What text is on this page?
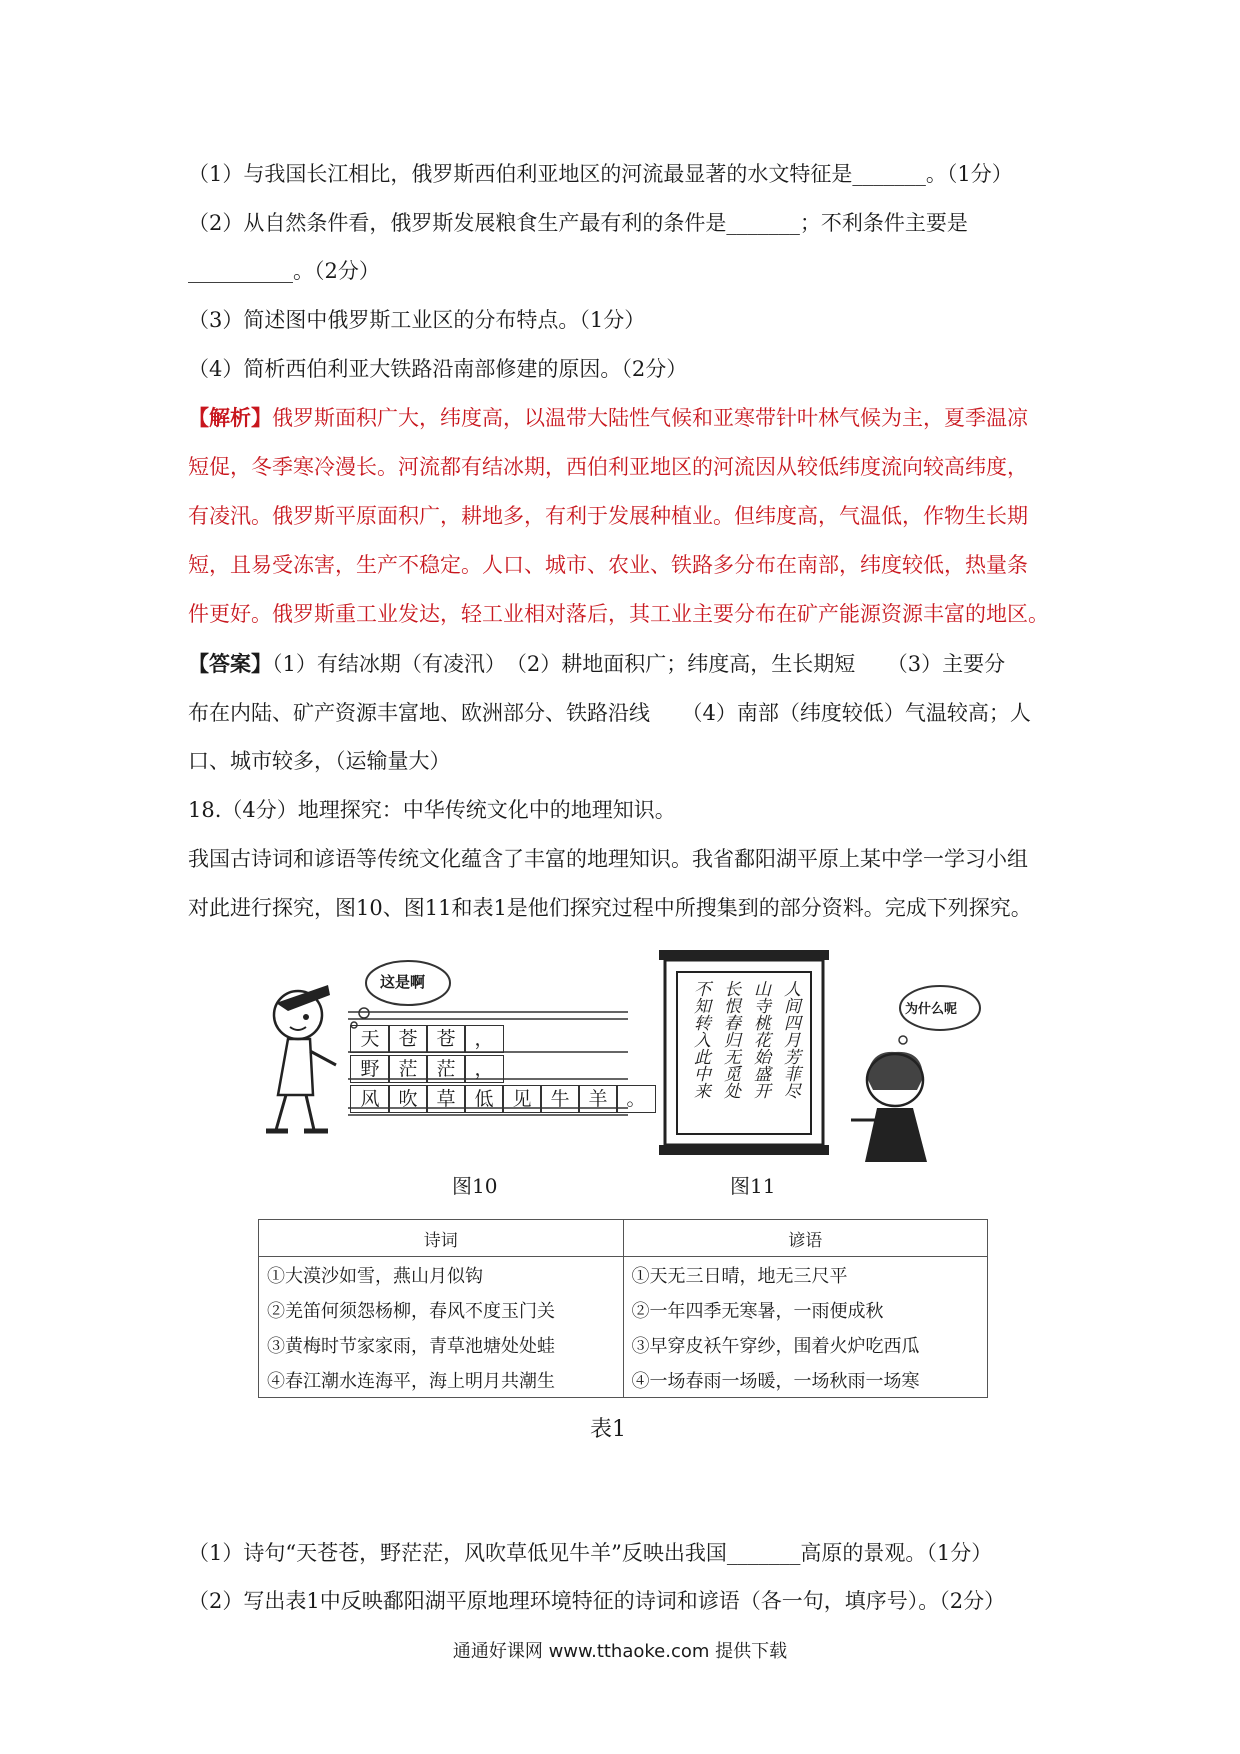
（1）与我国长江相比，俄罗斯西伯利亚地区的河流最显著的水文特征是_______。（1分）
（2）从自然条件看，俄罗斯发展粮食生产最有利的条件是_______；不利条件主要是
__________。（2分）
（3）简述图中俄罗斯工业区的分布特点。（1分）
（4）简析西伯利亚大铁路沿南部修建的原因。（2分）
【解析】俄罗斯面积广大，纬度高，以温带大陆性气候和亚寒带针叶林气候为主，夏季温凉
短促，冬季寒冷漫长。河流都有结冰期，西伯利亚地区的河流因从较低纬度流向较高纬度，
有凌汛。俄罗斯平原面积广，耕地多，有利于发展种植业。但纬度高，气温低，作物生长期
短，且易受冻害，生产不稳定。人口、城市、农业、铁路多分布在南部，纬度较低，热量条
件更好。俄罗斯重工业发达，轻工业相对落后，其工业主要分布在矿产能源资源丰富的地区。
【答案】（1）有结冰期（有凌汛）　（2）耕地面积广；纬度高，生长期短　　（3）主要分
布在内陆、矿产资源丰富地、欧洲部分、铁路沿线　　（4）南部（纬度较低）气温较高；人
口、城市较多，（运输量大）
18.（4分）地理探究：中华传统文化中的地理知识。
我国古诗词和谚语等传统文化蕴含了丰富的地理知识。我省鄱阳湖平原上某中学一学习小组
对此进行探究，图10、图11和表1是他们探究过程中所搜集到的部分资料。完成下列探究。
这是啊
天 苍 苍 ，
野 茫 茫 ，
风 吹 草 低 见 牛 羊 。
图10
为什么呢
人间四月芳菲尽
山寺桃花始盛开
长恨春归无觅处
不知转入此中来
图11
诗词	谚语
①大漠沙如雪，燕山月似钩	①天无三日晴，地无三尺平
②羌笛何须怨杨柳，春风不度玉门关	②一年四季无寒暑，一雨便成秋
③黄梅时节家家雨，青草池塘处处蛙	③早穿皮袄午穿纱，围着火炉吃西瓜
④春江潮水连海平，海上明月共潮生	④一场春雨一场暖，一场秋雨一场寒
表1
（1）诗句“天苍苍，野茫茫，风吹草低见牛羊”反映出我国_______高原的景观。（1分）
（2）写出表1中反映鄱阳湖平原地理环境特征的诗词和谚语（各一句，填序号）。（2分）
通通好课网 www.tthaoke.com 提供下载
